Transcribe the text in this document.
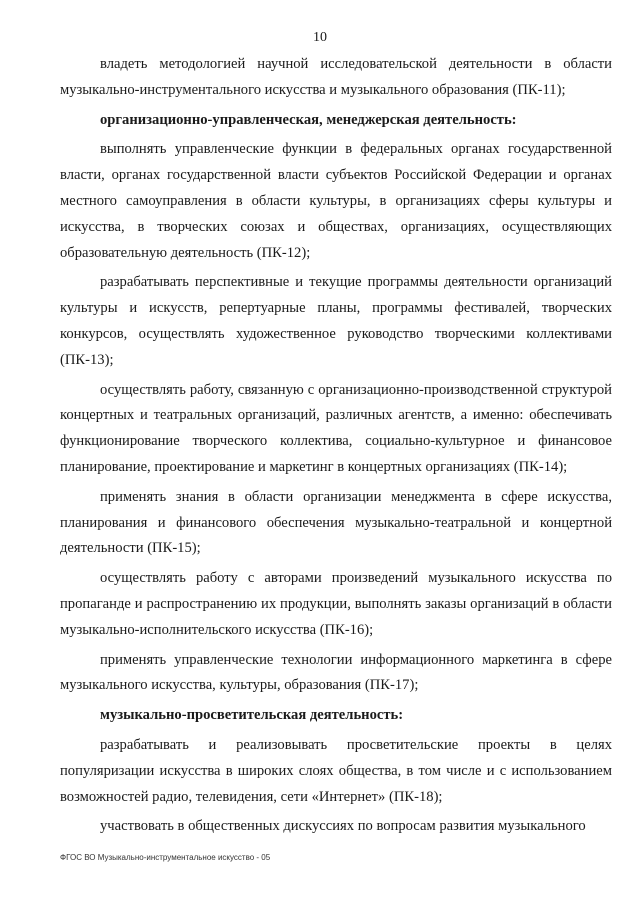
10

владеть методологией научной исследовательской деятельности в области музыкально-инструментального искусства и музыкального образования (ПК-11);

организационно-управленческая, менеджерская деятельность:

выполнять управленческие функции в федеральных органах государственной власти, органах государственной власти субъектов Российской Федерации и органах местного самоуправления в области культуры, в организациях сферы культуры и искусства, в творческих союзах и обществах, организациях, осуществляющих образовательную деятельность (ПК-12);

разрабатывать перспективные и текущие программы деятельности организаций культуры и искусств, репертуарные планы, программы фестивалей, творческих конкурсов, осуществлять художественное руководство творческими коллективами (ПК-13);

осуществлять работу, связанную с организационно-производственной структурой концертных и театральных организаций, различных агентств, а именно: обеспечивать функционирование творческого коллектива, социально-культурное и финансовое планирование, проектирование и маркетинг в концертных организациях (ПК-14);

применять знания в области организации менеджмента в сфере искусства, планирования и финансового обеспечения музыкально-театральной и концертной деятельности (ПК-15);

осуществлять работу с авторами произведений музыкального искусства по пропаганде и распространению их продукции, выполнять заказы организаций в области музыкально-исполнительского искусства (ПК-16);

применять управленческие технологии информационного маркетинга в сфере музыкального искусства, культуры, образования (ПК-17);

музыкально-просветительская деятельность:

разрабатывать и реализовывать просветительские проекты в целях популяризации искусства в широких слоях общества, в том числе и с использованием возможностей радио, телевидения, сети «Интернет» (ПК-18);

участвовать в общественных дискуссиях по вопросам развития музыкального

ФГОС ВО Музыкально-инструментальное искусство - 05
